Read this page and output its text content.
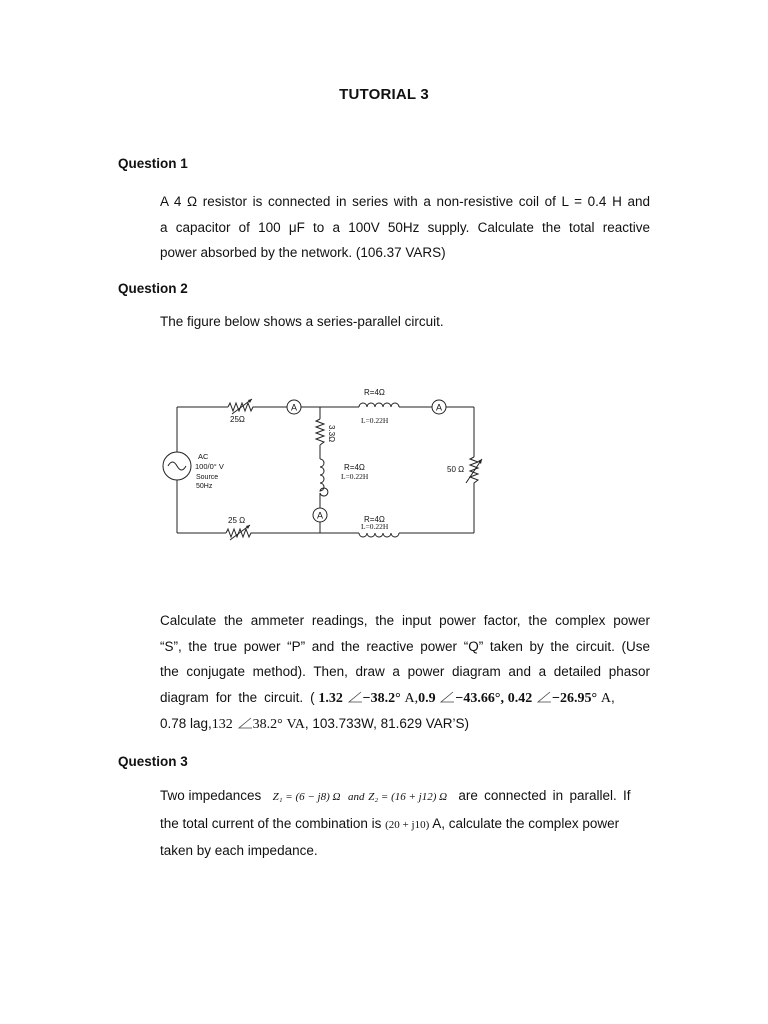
TUTORIAL 3
Question 1
A 4 Ω resistor is connected in series with a non-resistive coil of L = 0.4 H and
a capacitor of 100 μF to a 100V 50Hz supply. Calculate the total reactive
power absorbed by the network. (106.37 VARS)
Question 2
The figure below shows a series-parallel circuit.
A	A
A
25Ω
25 Ω
3.3Ω
R=4Ω
L=0.22H
R=4Ω
L=0.22H
R=4Ω
L=0.22H
50 Ω
AC
100/0° V
Source
50Hz
Calculate the ammeter readings, the input power factor, the complex power
“S”, the true power “P” and the reactive power “Q” taken by the circuit. (Use
the conjugate method). Then, draw a power diagram and a detailed phasor
diagram for the circuit. ( 1.32 −38.2° A,0.9 −43.66°, 0.42 −26.95° A,
0.78 lag,132 38.2° VA, 103.733W, 81.629 VAR’S)
Question 3
Two impedances Z₁ = (6 − j8) Ω and Z₂ = (16 + j12) Ω are connected in parallel. If
the total current of the combination is (20 + j10) A, calculate the complex power
taken by each impedance.
